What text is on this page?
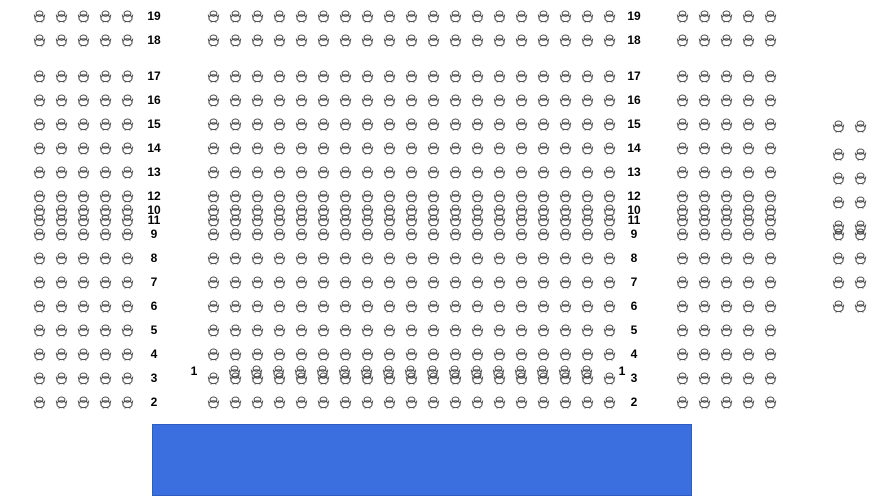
19	19
18	18
17	17
16	16
15	15
14	14
13	13
12	12
11	11
10	10
9	9
8	8
7	7
6	6
5	5
4	4
3	3
2	2
1	1
